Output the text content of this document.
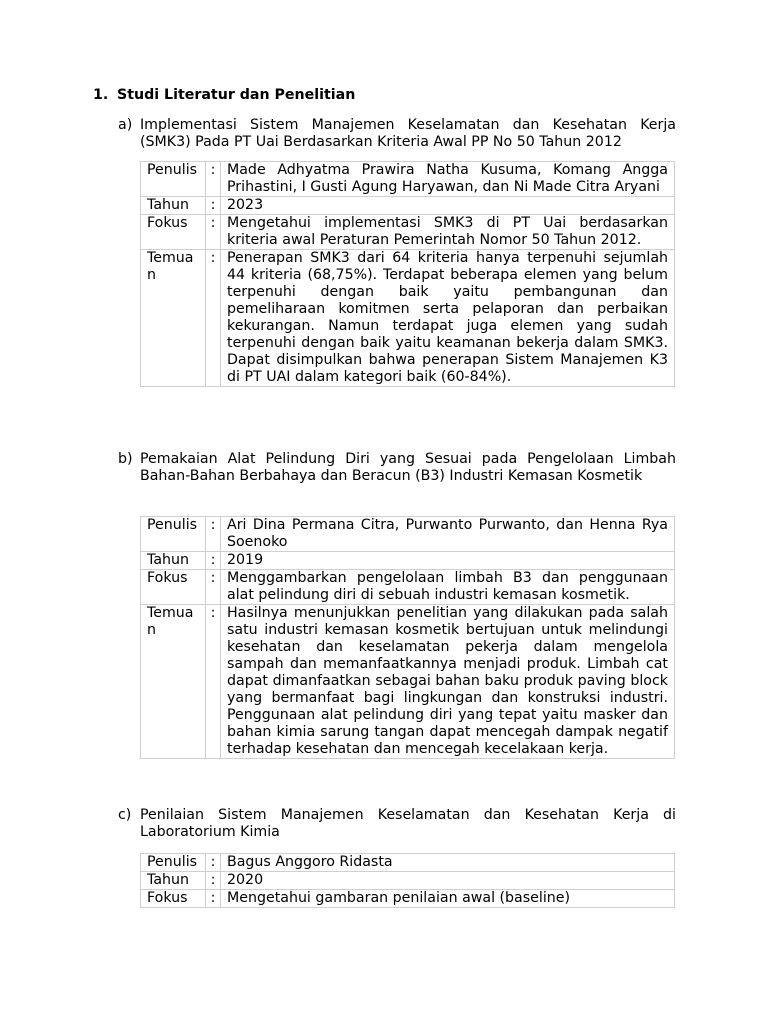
1. Studi Literatur dan Penelitian
a) Implementasi Sistem Manajemen Keselamatan dan Kesehatan Kerja (SMK3) Pada PT Uai Berdasarkan Kriteria Awal PP No 50 Tahun 2012
Penulis	:	Made Adhyatma Prawira Natha Kusuma, Komang Angga Prihastini, I Gusti Agung Haryawan, dan Ni Made Citra Aryani
Tahun	:	2023
Fokus	:	Mengetahui implementasi SMK3 di PT Uai berdasarkan kriteria awal Peraturan Pemerintah Nomor 50 Tahun 2012.
Temuan	:	Penerapan SMK3 dari 64 kriteria hanya terpenuhi sejumlah 44 kriteria (68,75%). Terdapat beberapa elemen yang belum terpenuhi dengan baik yaitu pembangunan dan pemeliharaan komitmen serta pelaporan dan perbaikan kekurangan. Namun terdapat juga elemen yang sudah terpenuhi dengan baik yaitu keamanan bekerja dalam SMK3. Dapat disimpulkan bahwa penerapan Sistem Manajemen K3 di PT UAI dalam kategori baik (60-84%).
b) Pemakaian Alat Pelindung Diri yang Sesuai pada Pengelolaan Limbah Bahan-Bahan Berbahaya dan Beracun (B3) Industri Kemasan Kosmetik
Penulis	:	Ari Dina Permana Citra, Purwanto Purwanto, dan Henna Rya Soenoko
Tahun	:	2019
Fokus	:	Menggambarkan pengelolaan limbah B3 dan penggunaan alat pelindung diri di sebuah industri kemasan kosmetik.
Temuan	:	Hasilnya menunjukkan penelitian yang dilakukan pada salah satu industri kemasan kosmetik bertujuan untuk melindungi kesehatan dan keselamatan pekerja dalam mengelola sampah dan memanfaatkannya menjadi produk. Limbah cat dapat dimanfaatkan sebagai bahan baku produk paving block yang bermanfaat bagi lingkungan dan konstruksi industri. Penggunaan alat pelindung diri yang tepat yaitu masker dan bahan kimia sarung tangan dapat mencegah dampak negatif terhadap kesehatan dan mencegah kecelakaan kerja.
c) Penilaian Sistem Manajemen Keselamatan dan Kesehatan Kerja di Laboratorium Kimia
Penulis	:	Bagus Anggoro Ridasta
Tahun	:	2020
Fokus	:	Mengetahui gambaran penilaian awal (baseline)
